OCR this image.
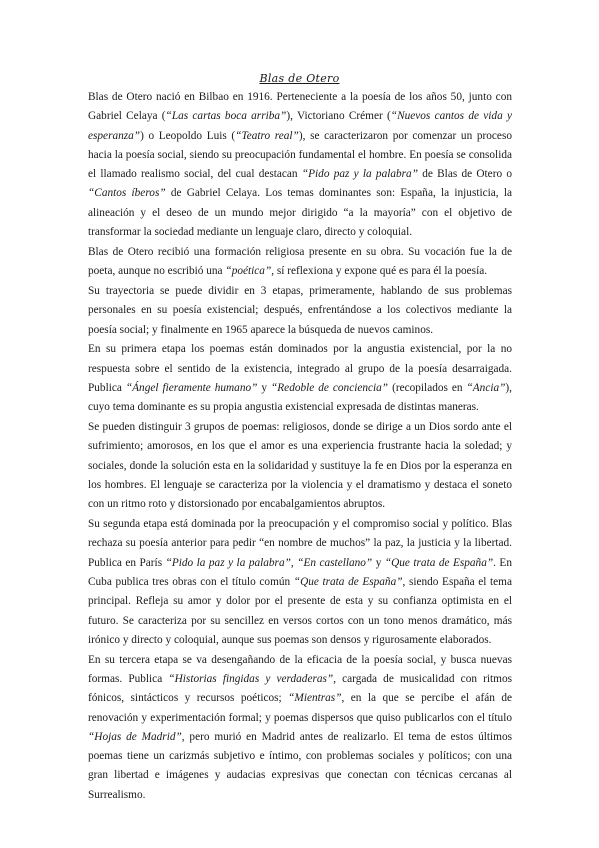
Blas de Otero

Blas de Otero nació en Bilbao en 1916. Perteneciente a la poesía de los años 50, junto con Gabriel Celaya (“Las cartas boca arriba”), Victoriano Crémer (“Nuevos cantos de vida y esperanza”) o Leopoldo Luis (“Teatro real”), se caracterizaron por comenzar un proceso hacia la poesía social, siendo su preocupación fundamental el hombre. En poesía se consolida el llamado realismo social, del cual destacan “Pido paz y la palabra” de Blas de Otero o “Cantos íberos” de Gabriel Celaya. Los temas dominantes son: España, la injusticia, la alineación y el deseo de un mundo mejor dirigido “a la mayoría” con el objetivo de transformar la sociedad mediante un lenguaje claro, directo y coloquial.

Blas de Otero recibió una formación religiosa presente en su obra. Su vocación fue la de poeta, aunque no escribió una “poética”, sí reflexiona y expone qué es para él la poesía.

Su trayectoria se puede dividir en 3 etapas, primeramente, hablando de sus problemas personales en su poesía existencial; después, enfrentándose a los colectivos mediante la poesía social; y finalmente en 1965 aparece la búsqueda de nuevos caminos.

En su primera etapa los poemas están dominados por la angustia existencial, por la no respuesta sobre el sentido de la existencia, integrado al grupo de la poesía desarraigada. Publica “Ángel fieramente humano” y “Redoble de conciencia” (recopilados en “Ancia”), cuyo tema dominante es su propia angustia existencial expresada de distintas maneras.

Se pueden distinguir 3 grupos de poemas: religiosos, donde se dirige a un Dios sordo ante el sufrimiento; amorosos, en los que el amor es una experiencia frustrante hacia la soledad; y sociales, donde la solución esta en la solidaridad y sustituye la fe en Dios por la esperanza en los hombres. El lenguaje se caracteriza por la violencia y el dramatismo y destaca el soneto con un ritmo roto y distorsionado por encabalgamientos abruptos.

Su segunda etapa está dominada por la preocupación y el compromiso social y político. Blas rechaza su poesía anterior para pedir “en nombre de muchos” la paz, la justicia y la libertad. Publica en París “Pido la paz y la palabra”, “En castellano” y “Que trata de España”. En Cuba publica tres obras con el título común “Que trata de España”, siendo España el tema principal. Refleja su amor y dolor por el presente de esta y su confianza optimista en el futuro. Se caracteriza por su sencillez en versos cortos con un tono menos dramático, más irónico y directo y coloquial, aunque sus poemas son densos y rigurosamente elaborados.

En su tercera etapa se va desengañando de la eficacia de la poesía social, y busca nuevas formas. Publica “Historias fingidas y verdaderas”, cargada de musicalidad con ritmos fónicos, sintácticos y recursos poéticos; “Mientras”, en la que se percibe el afán de renovación y experimentación formal; y poemas dispersos que quiso publicarlos con el título “Hojas de Madrid”, pero murió en Madrid antes de realizarlo. El tema de estos últimos poemas tiene un carizmás subjetivo e íntimo, con problemas sociales y políticos; con una gran libertad e imágenes y audacias expresivas que conectan con técnicas cercanas al Surrealismo.
